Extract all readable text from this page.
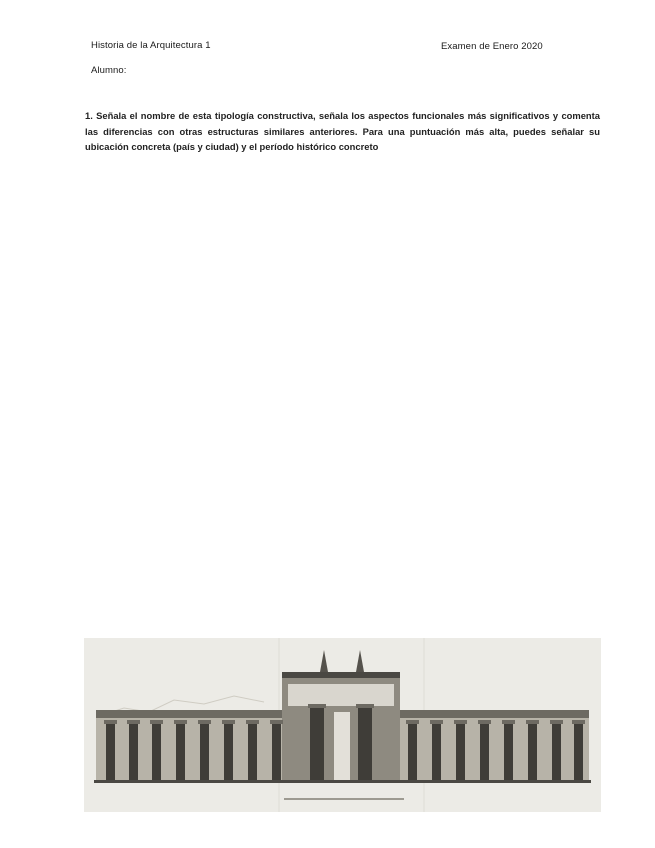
Historia de la Arquitectura 1	Examen de Enero 2020
Alumno:
1. Señala el nombre de esta tipología constructiva, señala los aspectos funcionales más significativos y comenta las diferencias con otras estructuras similares anteriores. Para una puntuación más alta, puedes señalar su ubicación concreta (país y ciudad) y el período histórico concreto
